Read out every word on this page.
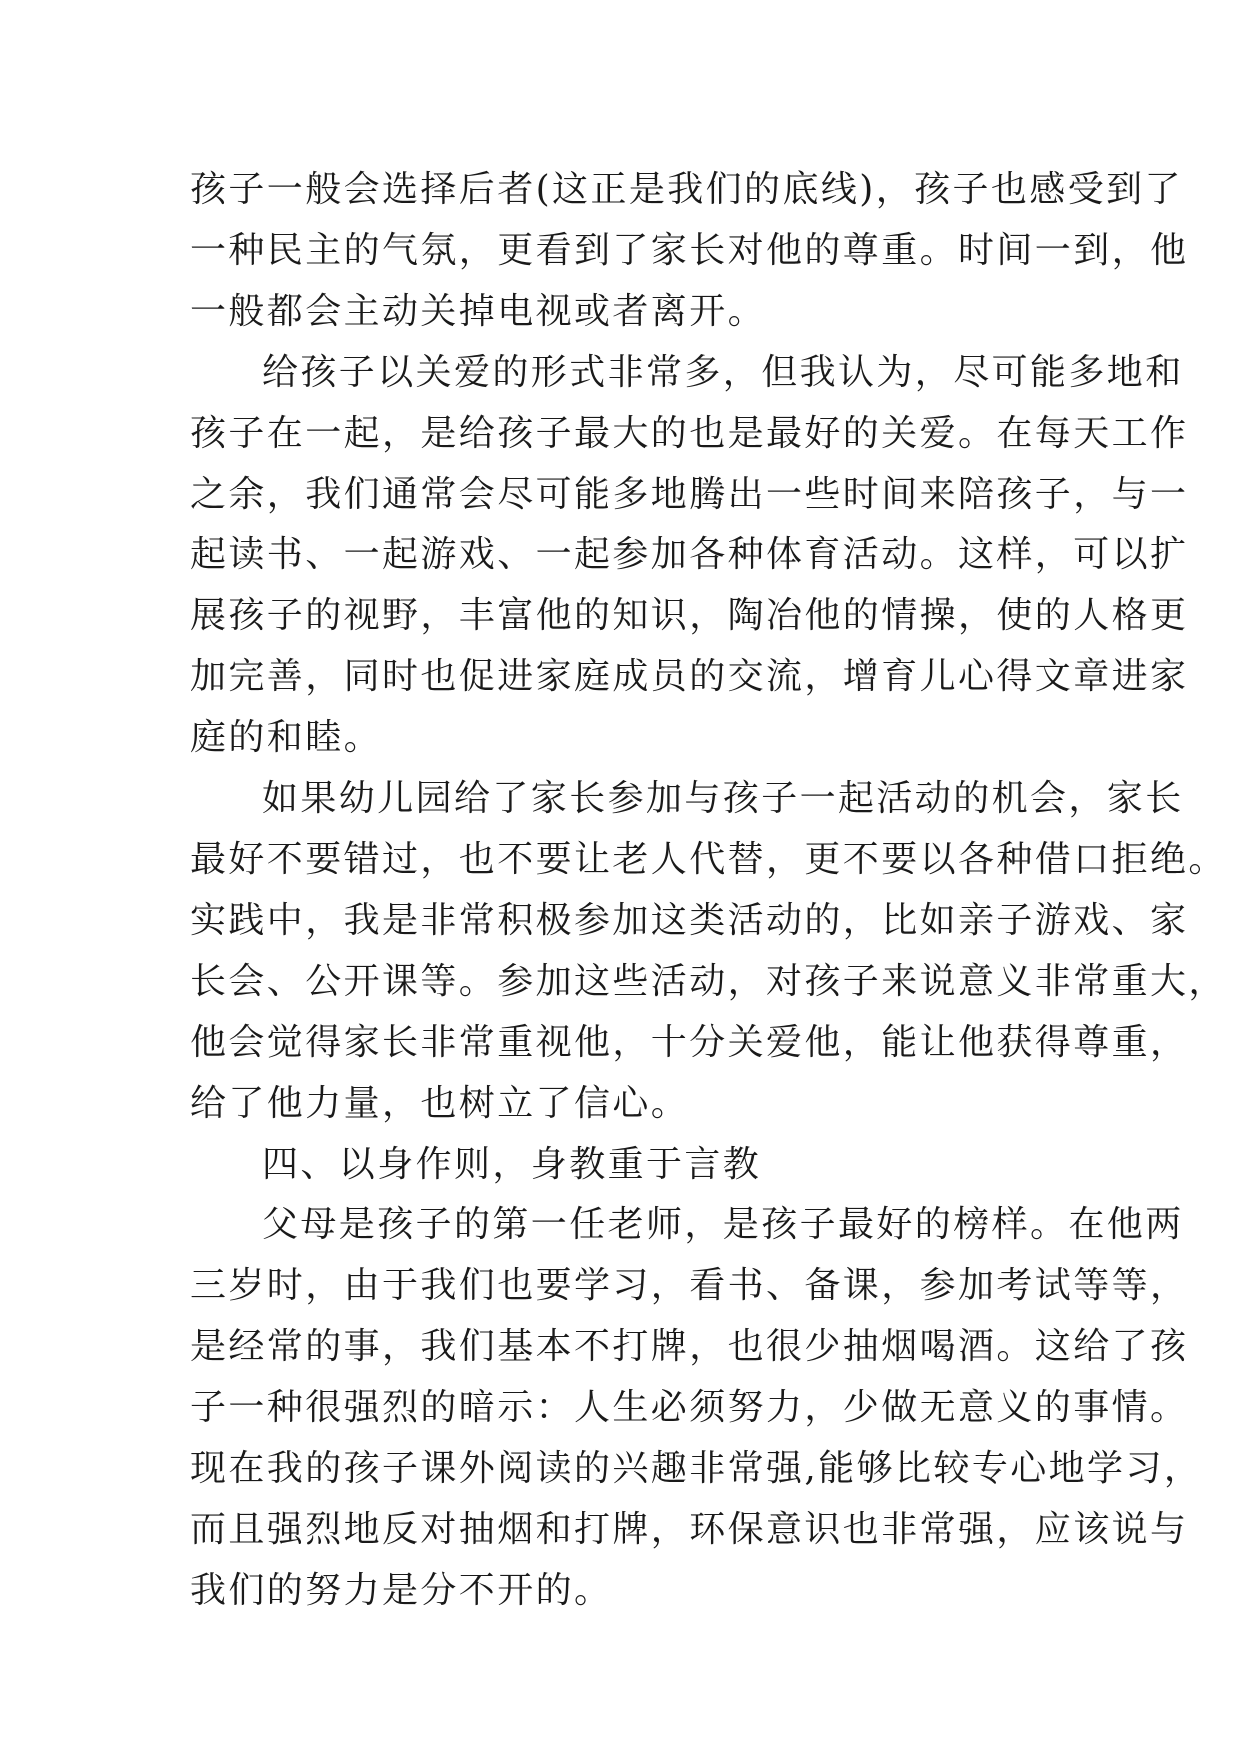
孩子一般会选择后者(这正是我们的底线)，孩子也感受到了
一种民主的气氛，更看到了家长对他的尊重。时间一到，他
一般都会主动关掉电视或者离开。

给孩子以关爱的形式非常多，但我认为，尽可能多地和
孩子在一起，是给孩子最大的也是最好的关爱。在每天工作
之余，我们通常会尽可能多地腾出一些时间来陪孩子，与一
起读书、一起游戏、一起参加各种体育活动。这样，可以扩
展孩子的视野，丰富他的知识，陶冶他的情操，使的人格更
加完善，同时也促进家庭成员的交流，增育儿心得文章进家
庭的和睦。

如果幼儿园给了家长参加与孩子一起活动的机会，家长
最好不要错过，也不要让老人代替，更不要以各种借口拒绝。
实践中，我是非常积极参加这类活动的，比如亲子游戏、家
长会、公开课等。参加这些活动，对孩子来说意义非常重大，
他会觉得家长非常重视他，十分关爱他，能让他获得尊重，
给了他力量，也树立了信心。

四、以身作则，身教重于言教

父母是孩子的第一任老师，是孩子最好的榜样。在他两
三岁时，由于我们也要学习，看书、备课，参加考试等等，
是经常的事，我们基本不打牌，也很少抽烟喝酒。这给了孩
子一种很强烈的暗示：人生必须努力，少做无意义的事情。
现在我的孩子课外阅读的兴趣非常强,能够比较专心地学习，
而且强烈地反对抽烟和打牌，环保意识也非常强，应该说与
我们的努力是分不开的。
